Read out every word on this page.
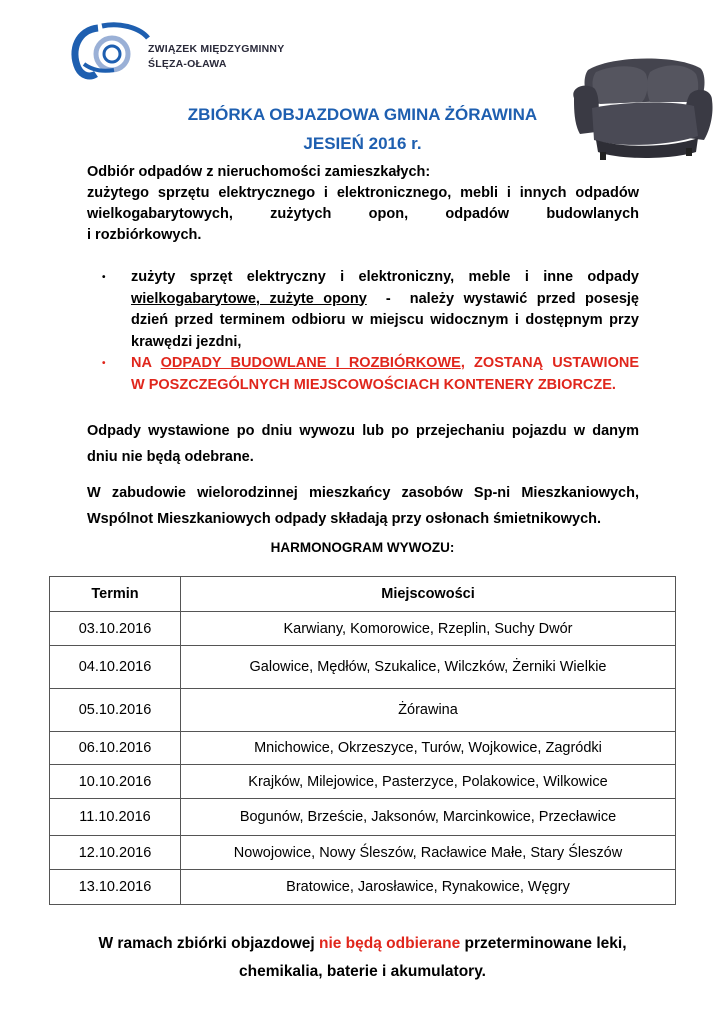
ZWIĄZEK MIĘDZYGMINNY
ŚLĘZA-OŁAWA
ZBIÓRKA OBJAZDOWA GMINA ŻÓRAWINA
JESIEŃ 2016 r.
Odbiór odpadów z nieruchomości zamieszkałych:
zużytego sprzętu elektrycznego i elektronicznego, mebli i innych odpadów
wielkogabarytowych, zużytych opon, odpadów budowlanych
i rozbiórkowych.
• zużyty sprzęt elektryczny i elektroniczny, meble i inne odpady
wielkogabarytowe, zużyte opony  -  należy wystawić przed posesję
dzień przed terminem odbioru w miejscu widocznym i dostępnym przy
krawędzi jezdni,
• NA ODPADY BUDOWLANE I ROZBIÓRKOWE, ZOSTANĄ USTAWIONE
W POSZCZEGÓLNYCH MIEJSCOWOŚCIACH KONTENERY ZBIORCZE.
Odpady wystawione po dniu wywozu lub po przejechaniu pojazdu w danym dniu nie będą odebrane.
W zabudowie wielorodzinnej mieszkańcy zasobów Sp-ni Mieszkaniowych, Wspólnot Mieszkaniowych odpady składają przy osłonach śmietnikowych.
HARMONOGRAM WYWOZU:
Termin	Miejscowości
03.10.2016	Karwiany, Komorowice, Rzeplin, Suchy Dwór
04.10.2016	Galowice, Mędłów, Szukalice, Wilczków, Żerniki Wielkie
05.10.2016	Żórawina
06.10.2016	Mnichowice, Okrzeszyce, Turów, Wojkowice, Zagródki
10.10.2016	Krajków, Milejowice, Pasterzyce, Polakowice, Wilkowice
11.10.2016	Bogunów, Brzeście, Jaksonów, Marcinkowice, Przecławice
12.10.2016	Nowojowice, Nowy Śleszów, Racławice Małe, Stary Śleszów
13.10.2016	Bratowice, Jarosławice, Rynakowice, Węgry
W ramach zbiórki objazdowej nie będą odbierane przeterminowane leki,
chemikalia, baterie i akumulatory.
